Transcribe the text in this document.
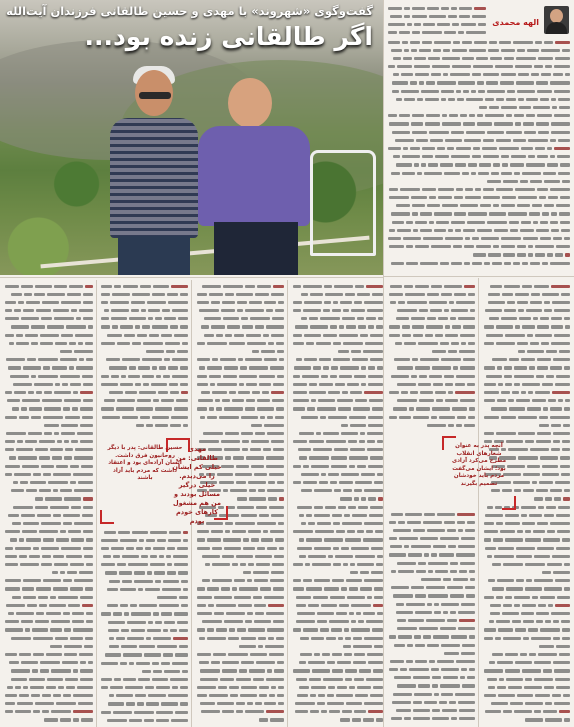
گفت‌وگوی «شهروند» با مهدی و حسین طالقانی فرزندان آیت‌الله
اگر طالقانی زنده بود...	الهه محمدی
مهدی طالقانی: من خیلی کم ایشان را می‌دیدم. خیلی درگیر مسائل بودند و من هم مشغول کارهای خودم بودم
حسین طالقانی: پدر با دیگر روحانیون فرق داشت. انسان آزاده‌ای بود و اعتقاد داشت که مردم باید آزاد باشند
آنچه پدر به عنوان شعارهای انقلاب مطرح می‌کرد آزادی بود؛ ایشان می‌گفت مردم باید خودشان تصمیم بگیرند
